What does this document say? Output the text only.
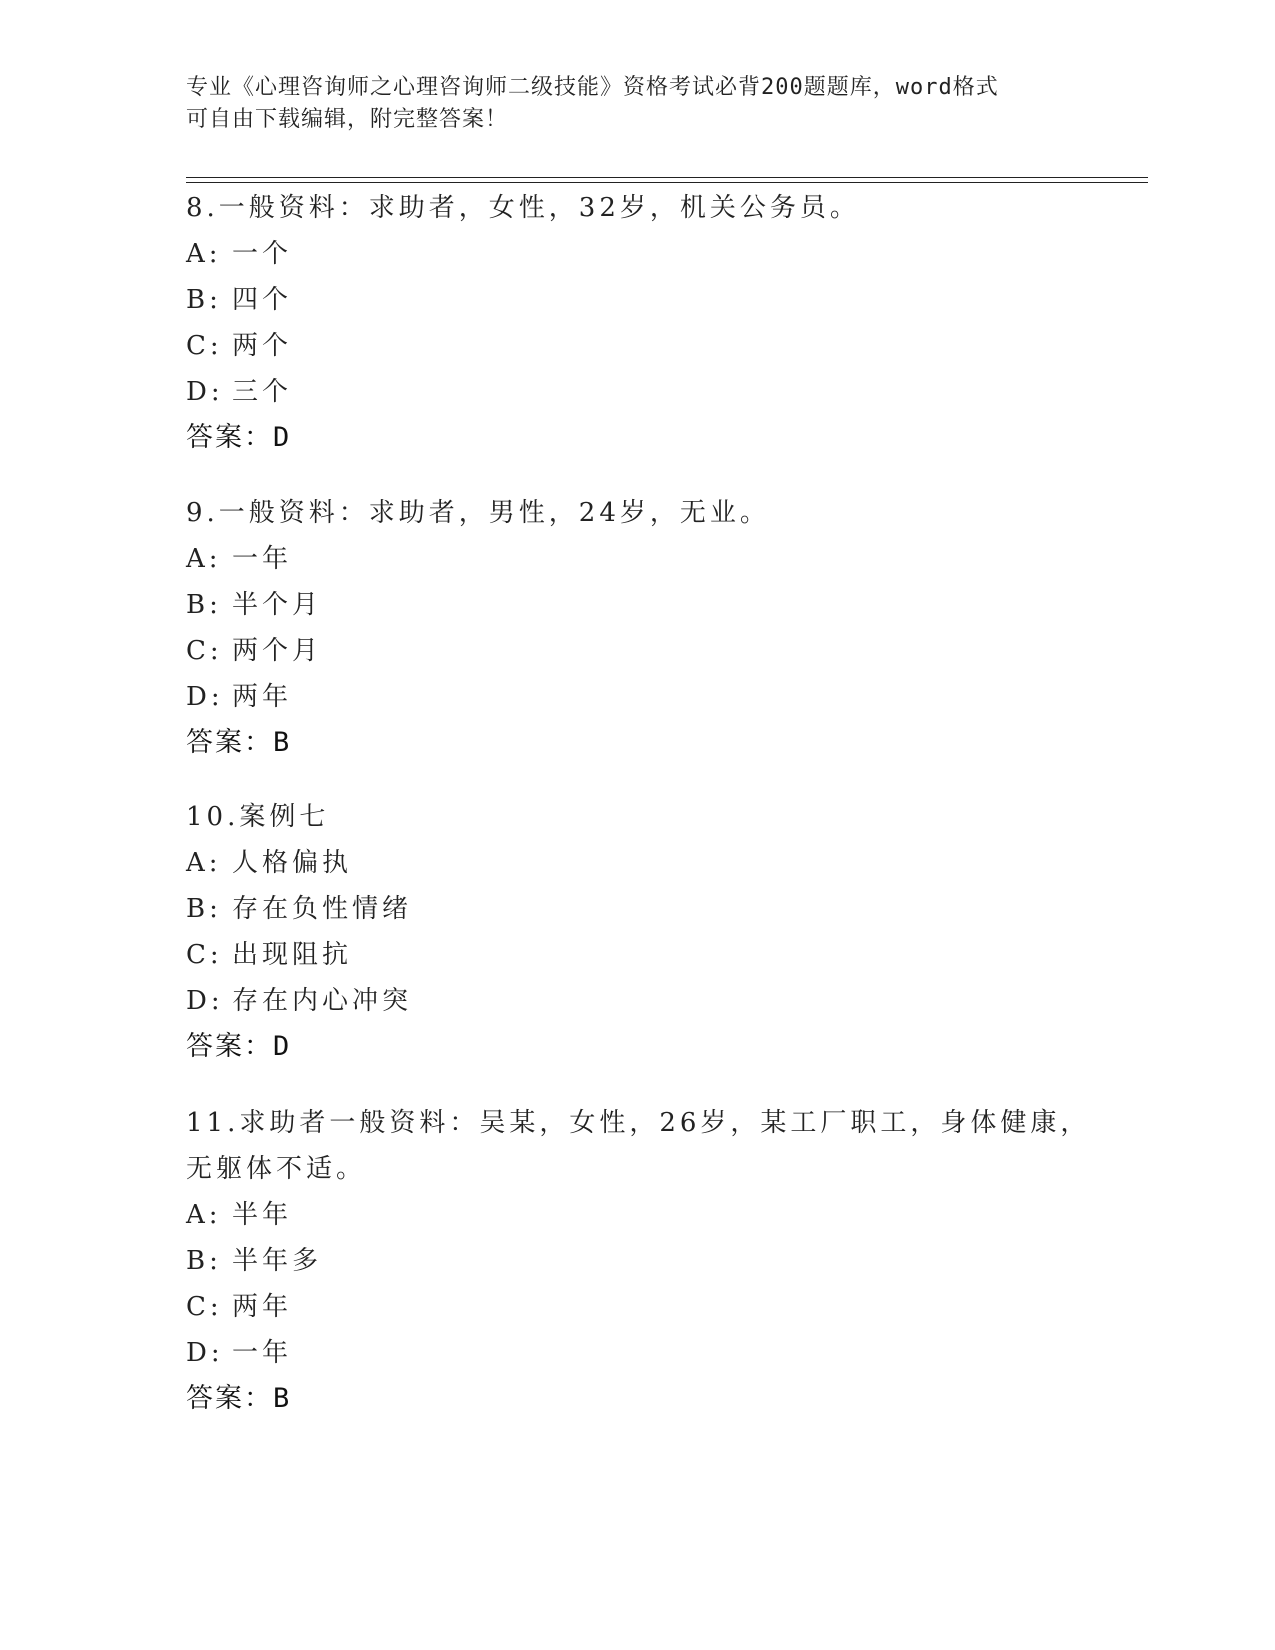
专业《心理咨询师之心理咨询师二级技能》资格考试必背200题题库，word格式
可自由下载编辑，附完整答案！
8.一般资料：求助者，女性，32岁，机关公务员。
A: 一个
B: 四个
C: 两个
D: 三个
答案：D
9.一般资料：求助者，男性，24岁，无业。
A: 一年
B: 半个月
C: 两个月
D: 两年
答案：B
10.案例七
A: 人格偏执
B: 存在负性情绪
C: 出现阻抗
D: 存在内心冲突
答案：D
11.求助者一般资料：吴某，女性，26岁，某工厂职工，身体健康，无躯体不适。
A: 半年
B: 半年多
C: 两年
D: 一年
答案：B
